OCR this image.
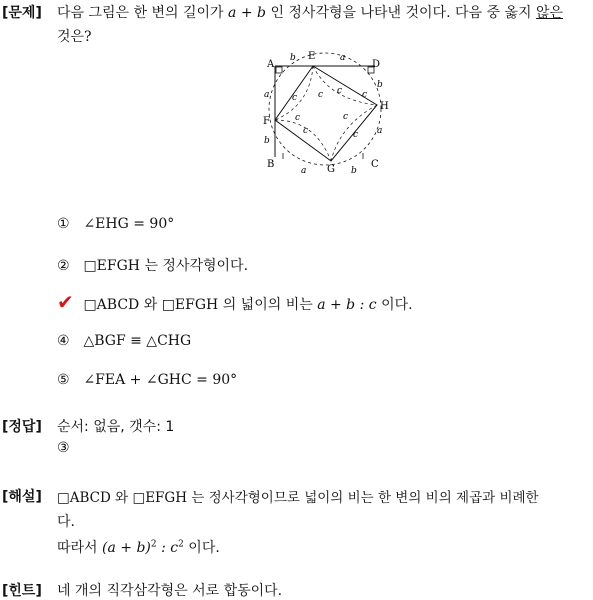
[문제] 다음 그림은 한 변의 길이가 a + b 인 정사각형을 나타낸 것이다. 다음 중 옳지 않은
것은?
A
E
D
H
F
B	G	C
b	a
b
a
a
b
a	b
c
c
c	c
c
c
c	c
① ∠EHG = 90°
② □EFGH 는 정사각형이다.
✔ □ABCD 와 □EFGH 의 넓이의 비는 a + b : c 이다.
④ △BGF ≡ △CHG
⑤ ∠FEA + ∠GHC = 90°
[정답] 순서: 없음, 갯수: 1
③
[해설] □ABCD 와 □EFGH 는 정사각형이므로 넓이의 비는 한 변의 비의 제곱과 비례한
다.
따라서 $(a + b)^2$ : $c^2$ 이다.
[힌트] 네 개의 직각삼각형은 서로 합동이다.
